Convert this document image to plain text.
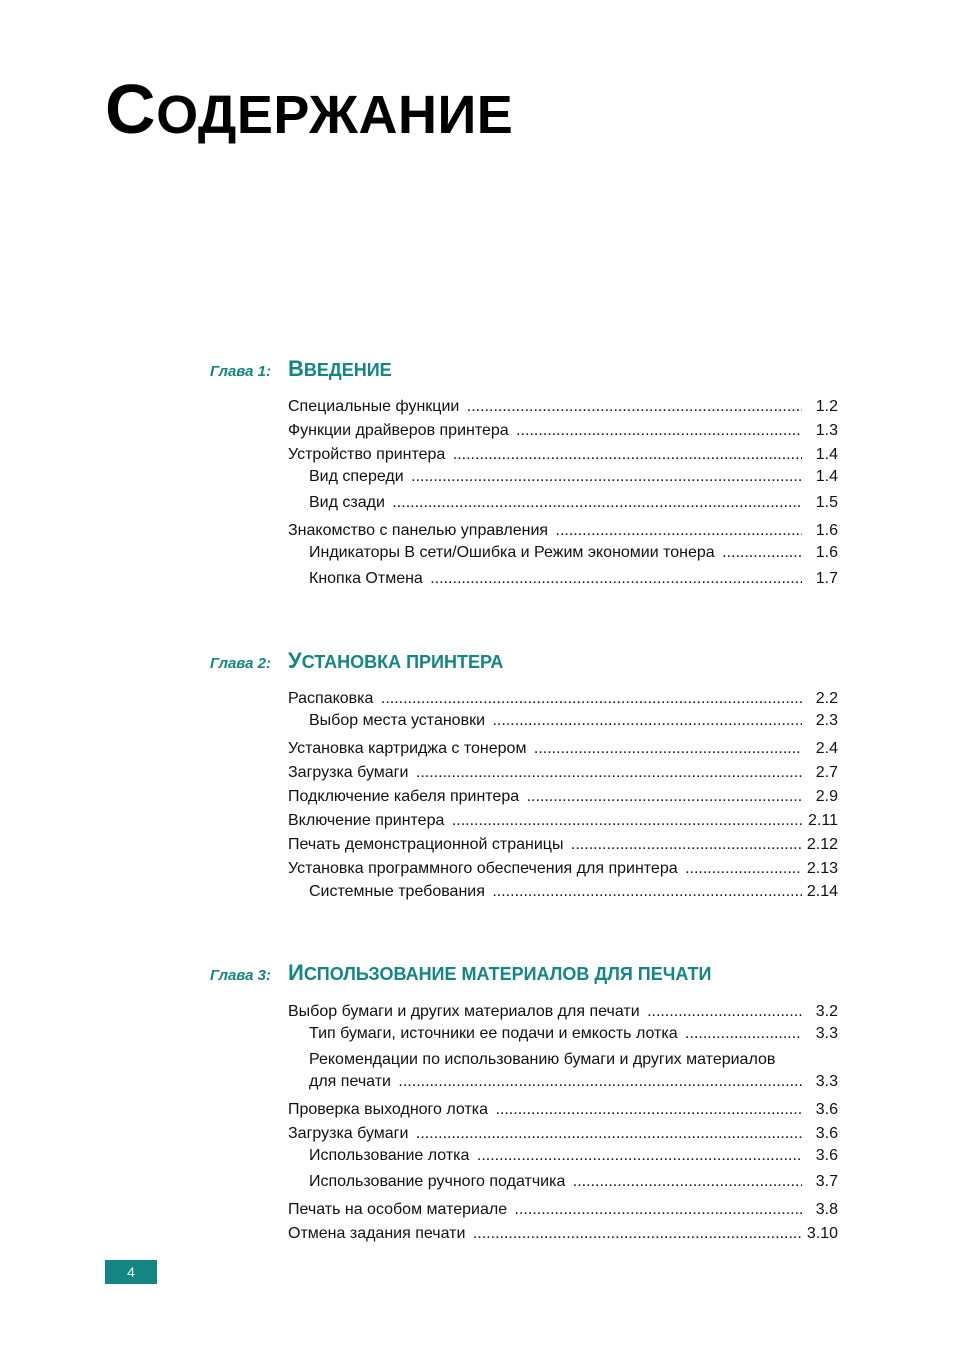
СОДЕРЖАНИЕ
Глава 1: ВВЕДЕНИЕ
Специальные функции .....	1.2
Функции драйверов принтера .....	1.3
Устройство принтера .....	1.4
Вид спереди .....	1.4
Вид сзади .....	1.5
Знакомство с панелью управления .....	1.6
Индикаторы В сети/Ошибка и Режим экономии тонера .....	1.6
Кнопка Отмена .....	1.7
Глава 2: УСТАНОВКА ПРИНТЕРА
Распаковка .....	2.2
Выбор места установки .....	2.3
Установка картриджа с тонером .....	2.4
Загрузка бумаги .....	2.7
Подключение кабеля принтера .....	2.9
Включение принтера .....	2.11
Печать демонстрационной страницы .....	2.12
Установка программного обеспечения для принтера .....	2.13
Системные требования .....	2.14
Глава 3: ИСПОЛЬЗОВАНИЕ МАТЕРИАЛОВ ДЛЯ ПЕЧАТИ
Выбор бумаги и других материалов для печати .....	3.2
Тип бумаги, источники ее подачи и емкость лотка .....	3.3
Рекомендации по использованию бумаги и других материалов
для печати .....	3.3
Проверка выходного лотка .....	3.6
Загрузка бумаги .....	3.6
Использование лотка .....	3.6
Использование ручного податчика .....	3.7
Печать на особом материале .....	3.8
Отмена задания печати .....	3.10
4
